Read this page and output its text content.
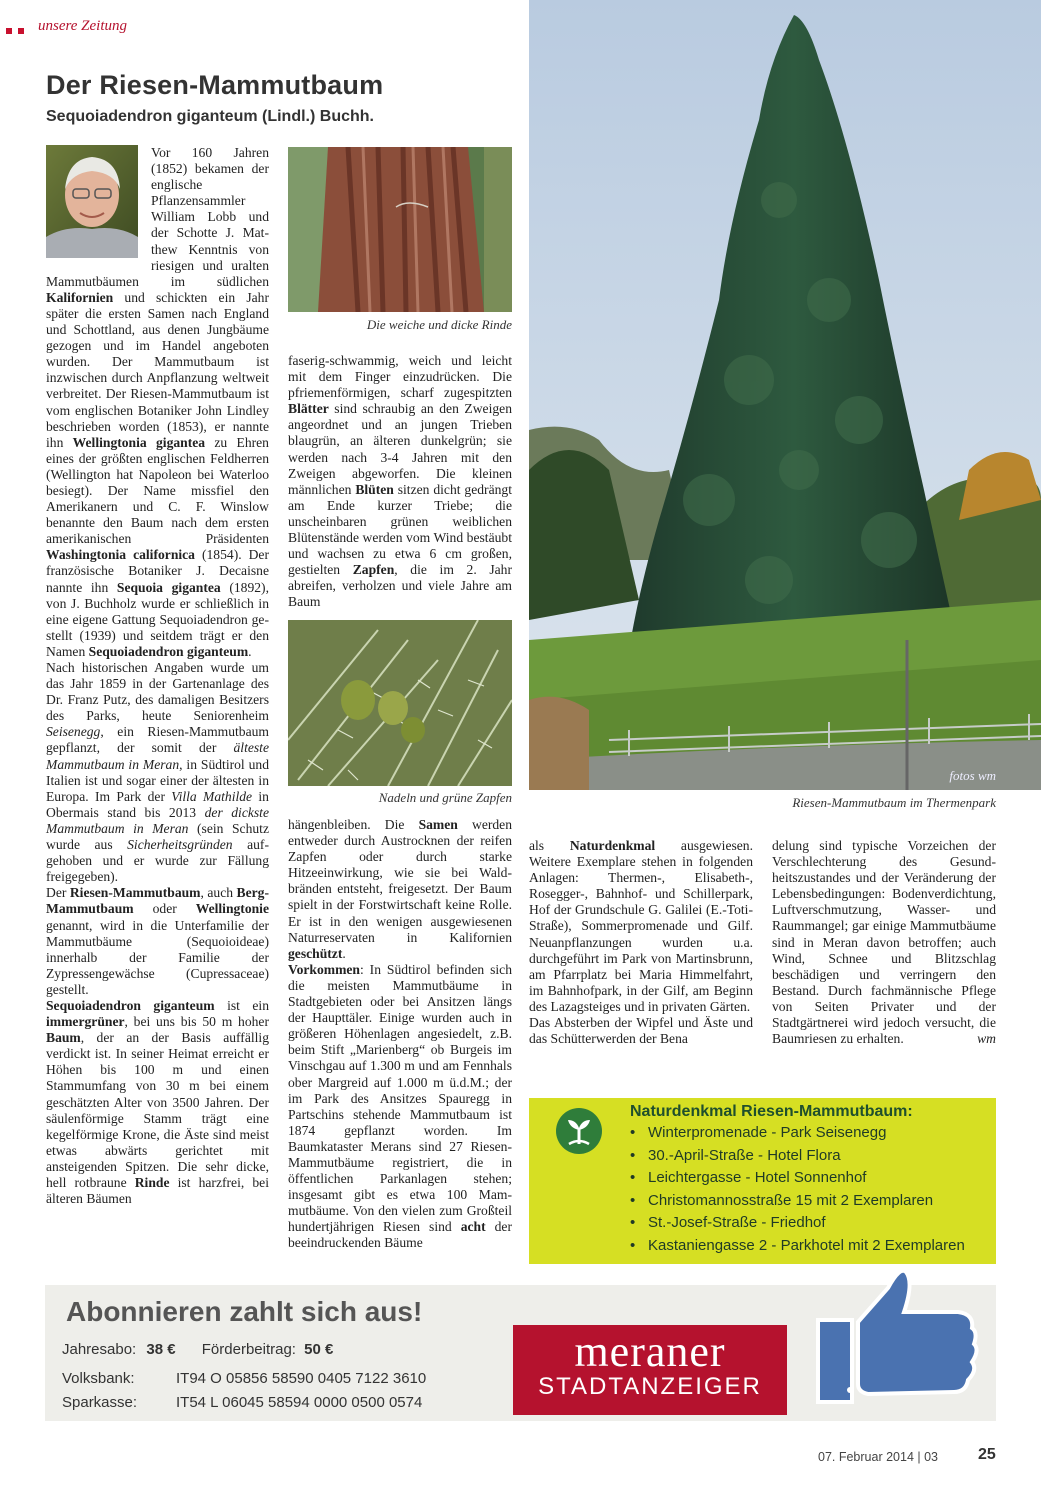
unsere Zeitung
Der Riesen-Mammutbaum
Sequoiadendron giganteum (Lindl.) Buchh.

Vor 160 Jahren (1852) bekamen der englische Pflanzensammler William Lobb und der Schotte J. Matthew Kenntnis von riesigen und uralten Mammutbäumen im südlichen Kalifornien und schickten ein Jahr später die ersten Samen nach England und Schottland, aus denen Jungbäume gezogen und im Handel angeboten wurden. Der Mammutbaum ist inzwischen durch Anpflanzung weltweit verbreitet. Der Riesen-Mammutbaum ist vom englischen Botaniker John Lindley beschrieben worden (1853), er nannte ihn Wellingtonia gigantea zu Ehren eines der größten englischen Feldherren (Wellington hat Napoleon bei Waterloo besiegt). Der Name missfiel den Amerikanern und C. F. Winslow benannte den Baum nach dem ersten amerikanischen Präsidenten Washingtonia californica (1854). Der französische Botaniker J. Decaisne nannte ihn Sequoia gigantea (1892), von J. Buchholz wurde er schließlich in eine eigene Gattung Sequoiadendron gestellt (1939) und seitdem trägt er den Namen Sequoiadendron giganteum.

Nach historischen Angaben wurde um das Jahr 1859 in der Gartenanlage des Dr. Franz Putz, des damaligen Besitzers des Parks, heute Seniorenheim Seisenegg, ein Riesen-Mammutbaum gepflanzt, der somit der älteste Mammutbaum in Meran, in Südtirol und Italien ist und sogar einer der ältesten in Europa. Im Park der Villa Mathilde in Obermais stand bis 2013 der dickste Mammutbaum in Meran (sein Schutz wurde aus Sicherheitsgründen aufgehoben und er wurde zur Fällung freigegeben).

Der Riesen-Mammutbaum, auch Berg-Mammutbaum oder Wellingtonie genannt, wird in die Unterfamilie der Mammutbäume (Sequoioideae) innerhalb der Familie der Zypressengewächse (Cupressaceae) gestellt.

Sequoiadendron giganteum ist ein immergrüner, bei uns bis 50 m hoher Baum, der an der Basis auffällig verdickt ist. In seiner Heimat erreicht er Höhen bis 100 m und einen Stammumfang von 30 m bei einem geschätzten Alter von 3500 Jahren. Der säulenförmige Stamm trägt eine kegelförmige Krone, die Äste sind meist etwas abwärts gerichtet mit ansteigenden Spitzen. Die sehr dicke, hell rotbraune Rinde ist harzfrei, bei älteren Bäumen

Die weiche und dicke Rinde

faserig-schwammig, weich und leicht mit dem Finger einzudrücken. Die pfriemenförmigen, scharf zugespitzten Blätter sind schraubig an den Zweigen angeordnet und an jungen Trieben blaugrün, an älteren dunkelgrün; sie werden nach 3-4 Jahren mit den Zweigen abgeworfen. Die kleinen männlichen Blüten sitzen dicht gedrängt am Ende kurzer Triebe; die unscheinbaren grünen weiblichen Blütenstände werden vom Wind bestäubt und wachsen zu etwa 6 cm großen, gestielten Zapfen, die im 2. Jahr abreifen, verholzen und viele Jahre am Baum

Nadeln und grüne Zapfen

hängenbleiben. Die Samen werden entweder durch Austrocknen der reifen Zapfen oder durch starke Hitzeeinwirkung, wie sie bei Waldbränden entsteht, freigesetzt. Der Baum spielt in der Forstwirtschaft keine Rolle. Er ist in den wenigen ausgewiesenen Naturreservaten in Kalifornien geschützt.

Vorkommen: In Südtirol befinden sich die meisten Mammutbäume in Stadtgebieten oder bei Ansitzen längs der Haupttäler. Einige wurden auch in größeren Höhenlagen angesiedelt, z.B. beim Stift „Marienberg“ ob Burgeis im Vinschgau auf 1.300 m und am Fennhals ober Margreid auf 1.000 m ü.d.M.; der im Park des Ansitzes Spauregg in Partschins stehende Mammutbaum ist 1874 gepflanzt worden. Im Baumkataster Merans sind 27 Riesen-Mammutbäume registriert, die in öffentlichen Parkanlagen stehen; insgesamt gibt es etwa 100 Mammutbäume. Von den vielen zum Großteil hundertjährigen Riesen sind acht der beeindruckenden Bäume

fotos wm
Riesen-Mammutbaum im Thermenpark

als Naturdenkmal ausgewiesen. Weitere Exemplare stehen in folgenden Anlagen: Thermen-, Elisabeth-, Rosegger-, Bahnhof- und Schillerpark, Hof der Grundschule G. Galilei (E.-Toti-Straße), Sommerpromenade und Gilf. Neuanpflanzungen wurden u.a. durchgeführt im Park von Martinsbrunn, am Pfarrplatz bei Maria Himmelfahrt, im Bahnhofpark, in der Gilf, am Beginn des Lazagsteiges und in privaten Gärten.
Das Absterben der Wipfel und Äste und das Schütterwerden der Bena

delung sind typische Vorzeichen der Verschlechterung des Gesundheitszustandes und der Veränderung der Lebensbedingungen: Bodenverdichtung, Luftverschmutzung, Wasser- und Raummangel; gar einige Mammutbäume sind in Meran davon betroffen; auch Wind, Schnee und Blitzschlag beschädigen und verringern den Bestand. Durch fachmännische Pflege von Seiten Privater und der Stadtgärtnerei wird jedoch versucht, die Baumriesen zu erhalten.	wm
Naturdenkmal Riesen-Mammutbaum:
• Winterpromenade - Park Seisenegg
• 30.-April-Straße - Hotel Flora
• Leichtergasse - Hotel Sonnenhof
• Christomannosstraße 15 mit 2 Exemplaren
• St.-Josef-Straße - Friedhof
• Kastaniengasse 2 - Parkhotel mit 2 Exemplaren
Abonnieren zahlt sich aus!
Jahresabo: 38 € Förderbeitrag: 50 €
Volksbank:	IT94 O 05856 58590 0405 7122 3610
Sparkasse:	IT54 L 06045 58594 0000 0500 0574
meraner
STADTANZEIGER
07. Februar 2014 | 03	25
